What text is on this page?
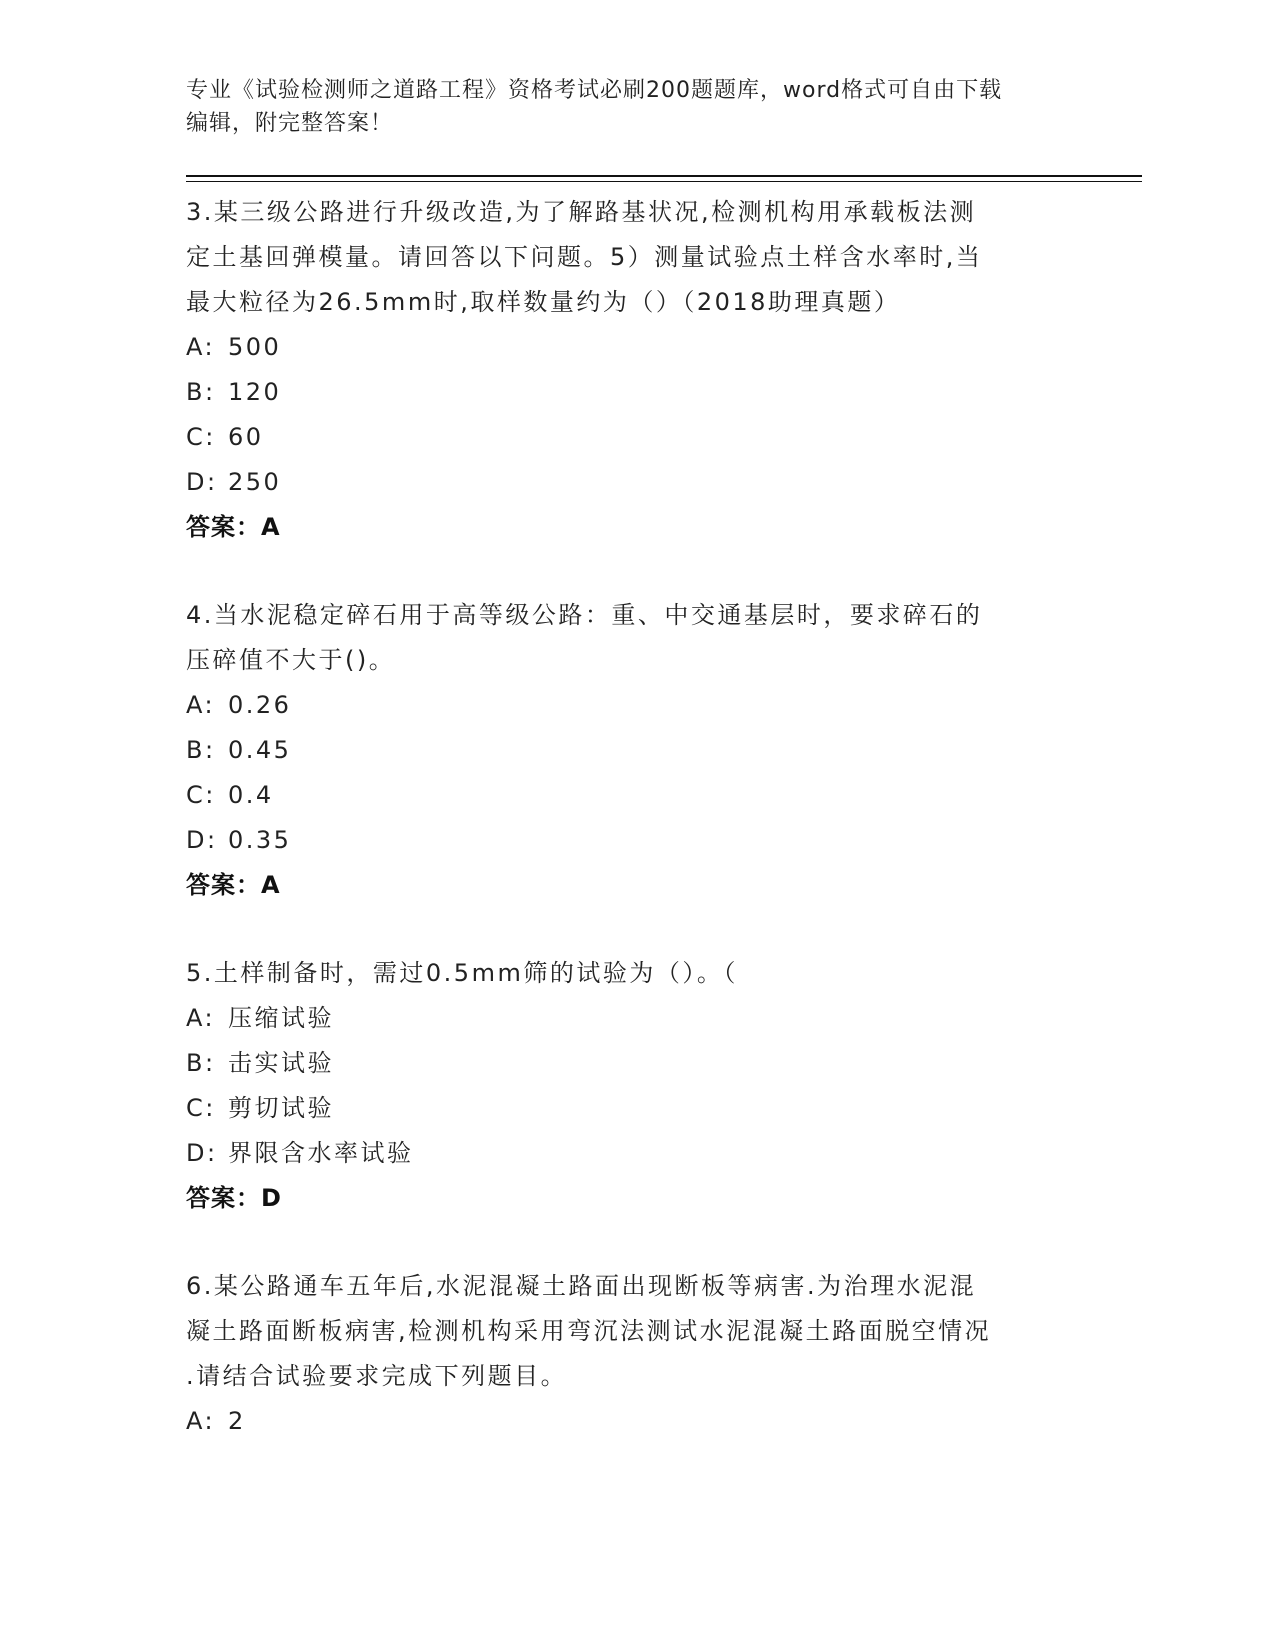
专业《试验检测师之道路工程》资格考试必刷200题题库，word格式可自由下载
编辑，附完整答案！
3.某三级公路进行升级改造,为了解路基状况,检测机构用承载板法测
定土基回弹模量。请回答以下问题。5）测量试验点土样含水率时,当
最大粒径为26.5mm时,取样数量约为（）（2018助理真题）
A: 500
B: 120
C: 60
D: 250
答案：A
4.当水泥稳定碎石用于高等级公路：重、中交通基层时，要求碎石的
压碎值不大于()。
A: 0.26
B: 0.45
C: 0.4
D: 0.35
答案：A
5.土样制备时，需过0.5mm筛的试验为（）。（
A: 压缩试验
B: 击实试验
C: 剪切试验
D: 界限含水率试验
答案：D
6.某公路通车五年后,水泥混凝土路面出现断板等病害.为治理水泥混
凝土路面断板病害,检测机构采用弯沉法测试水泥混凝土路面脱空情况
.请结合试验要求完成下列题目。
A: 2
